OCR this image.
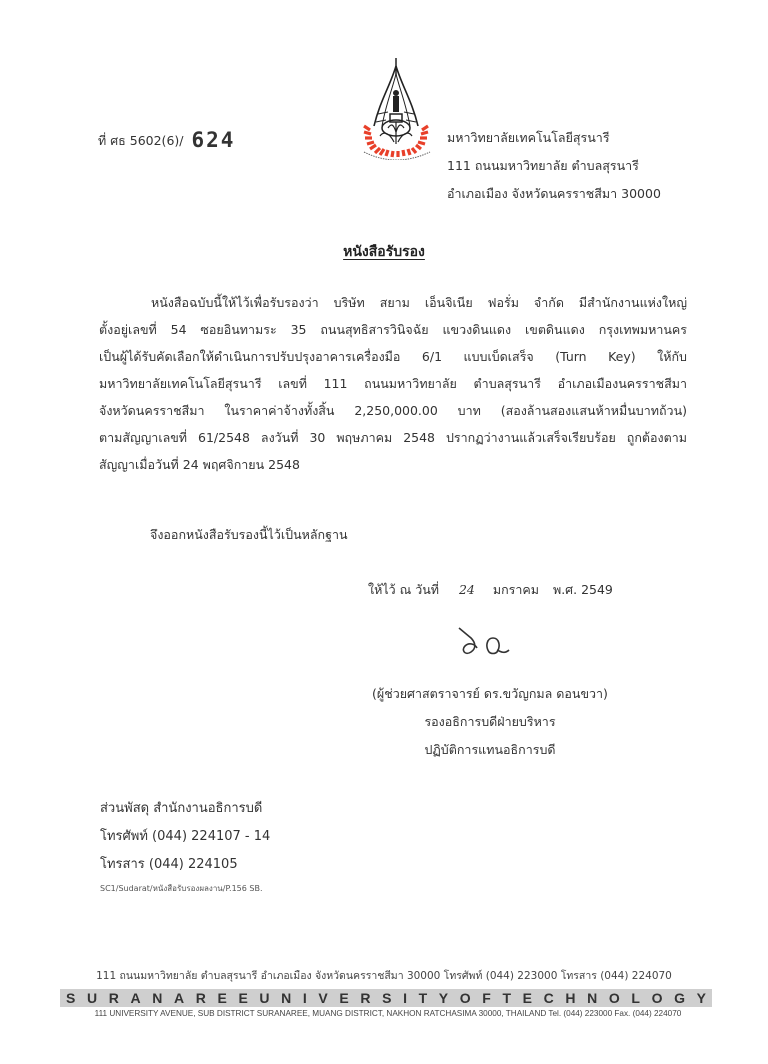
ที่ ศธ 5602(6)/ 624	มหาวิทยาลัยเทคโนโลยีสุรนารี
111 ถนนมหาวิทยาลัย ตำบลสุรนารี
อำเภอเมือง จังหวัดนครราชสีมา 30000
หนังสือรับรอง
หนังสือฉบับนี้ให้ไว้เพื่อรับรองว่า บริษัท สยาม เอ็นจิเนีย ฟอรั่ม จำกัด มีสำนักงานแห่งใหญ่
ตั้งอยู่เลขที่ 54 ซอยอินทามระ 35 ถนนสุทธิสารวินิจฉัย แขวงดินแดง เขตดินแดง กรุงเทพมหานคร
เป็นผู้ได้รับคัดเลือกให้ดำเนินการปรับปรุงอาคารเครื่องมือ 6/1 แบบเบ็ดเสร็จ (Turn Key) ให้กับ
มหาวิทยาลัยเทคโนโลยีสุรนารี เลขที่ 111 ถนนมหาวิทยาลัย ตำบลสุรนารี อำเภอเมืองนครราชสีมา
จังหวัดนครราชสีมา ในราคาค่าจ้างทั้งสิ้น 2,250,000.00 บาท (สองล้านสองแสนห้าหมื่นบาทถ้วน)
ตามสัญญาเลขที่ 61/2548 ลงวันที่ 30 พฤษภาคม 2548 ปรากฏว่างานแล้วเสร็จเรียบร้อย ถูกต้องตาม
สัญญาเมื่อวันที่ 24 พฤศจิกายน 2548
จึงออกหนังสือรับรองนี้ไว้เป็นหลักฐาน
ให้ไว้ ณ วันที่ 24 มกราคม พ.ศ. 2549
(ผู้ช่วยศาสตราจารย์ ดร.ขวัญกมล ดอนขวา)
รองอธิการบดีฝ่ายบริหาร
ปฏิบัติการแทนอธิการบดี
ส่วนพัสดุ สำนักงานอธิการบดี
โทรศัพท์ (044) 224107 - 14
โทรสาร (044) 224105
SC1/Sudarat/หนังสือรับรองผลงาน/P.156 SB.
111 ถนนมหาวิทยาลัย ตำบลสุรนารี อำเภอเมือง จังหวัดนครราชสีมา 30000 โทรศัพท์ (044) 223000 โทรสาร (044) 224070
S U R A N A R E E U N I V E R S I T Y O F T E C H N O L O G Y
111 UNIVERSITY AVENUE, SUB DISTRICT SURANAREE, MUANG DISTRICT, NAKHON RATCHASIMA 30000, THAILAND Tel. (044) 223000 Fax. (044) 224070
